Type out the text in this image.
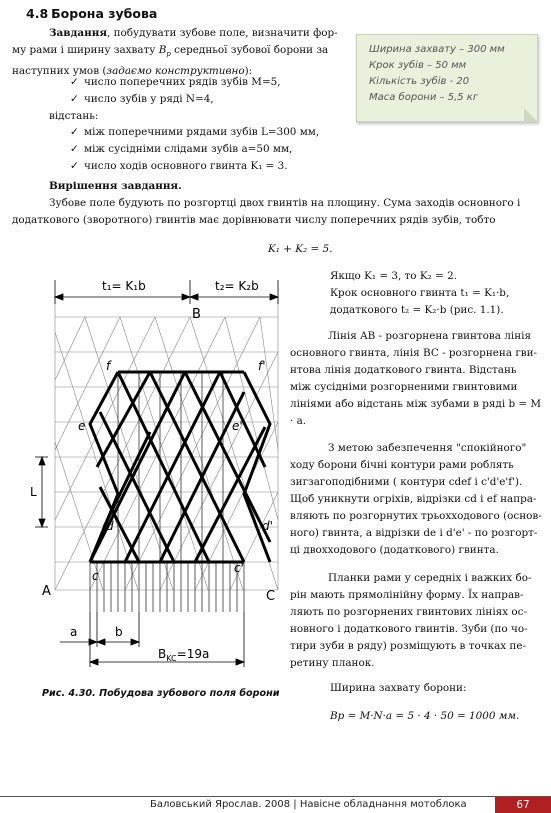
4.8 Борона зубова
Завдання, побудувати зубове поле, визначити фор-
му рами і ширину захвату $B_p$ середньої зубової борони за
наступних умов (задаємо конструктивно):
✓ число поперечних рядів зубів M=5,
✓ число зубів у ряді N=4,
відстань:
✓ між поперечними рядами зубів L=300 мм,
✓ між сусідніми слідами зубів a=50 мм,
✓ число ходів основного гвинта K₁ = 3.
Ширина захвату – 300 мм
Крок зубів – 50 мм
Кількість зубів - 20
Маса борони – 5,5 кг
Вирішення завдання.
Зубове поле будують по розгортці двох гвинтів на площину. Сума заходів основного і
додаткового (зворотного) гвинтів має дорівнювати числу поперечних рядів зубів, тобто
K₁ + K₂ = 5.
Якщо K₁ = 3, то K₂ = 2.
Крок основного гвинта t₁ = K₁·b,
додаткового t₂ = K₂·b (рис. 1.1).
Лінія AB - розгорнена гвинтова лінія
основного гвинта, лінія BC - розгорнена гви-
нтова лінія додаткового гвинта. Відстань
між сусідніми розгорненими гвинтовими
лініями або відстань між зубами в ряді b = M
· a.
З метою забезпечення "спокійного"
ходу борони бічні контури рами роблять
зигзагоподібними ( контури cdef і c'd'e'f').
Щоб уникнути огріхів, відрізки cd і ef напра-
вляють по розгорнутих трьохходового (основ-
ного) гвинта, а відрізки de і d'e' - по розгорт-
ці двохходового (додаткового) гвинта.
Планки рами у середніх і важких бо-
рін мають прямолінійну форму. Їх направ-
ляють по розгорнених гвинтових лініях ос-
новного і додаткового гвинтів. Зуби (по чо-
тири зуби в ряду) розміщують в точках пе-
ретину планок.
Ширина захвату борони:
Bp = M·N·a = 5 · 4 · 50 = 1000 мм.
t₁= K₁b	t₂= K₂b
B
A	C
f	f'
e	e'
d	d'
c
c'
L
a	b
$B_{KC}=19a$
Рис. 4.30. Побудова зубового поля борони
Баловський Ярослав. 2008 | Навісне обладнання мотоблока	67
